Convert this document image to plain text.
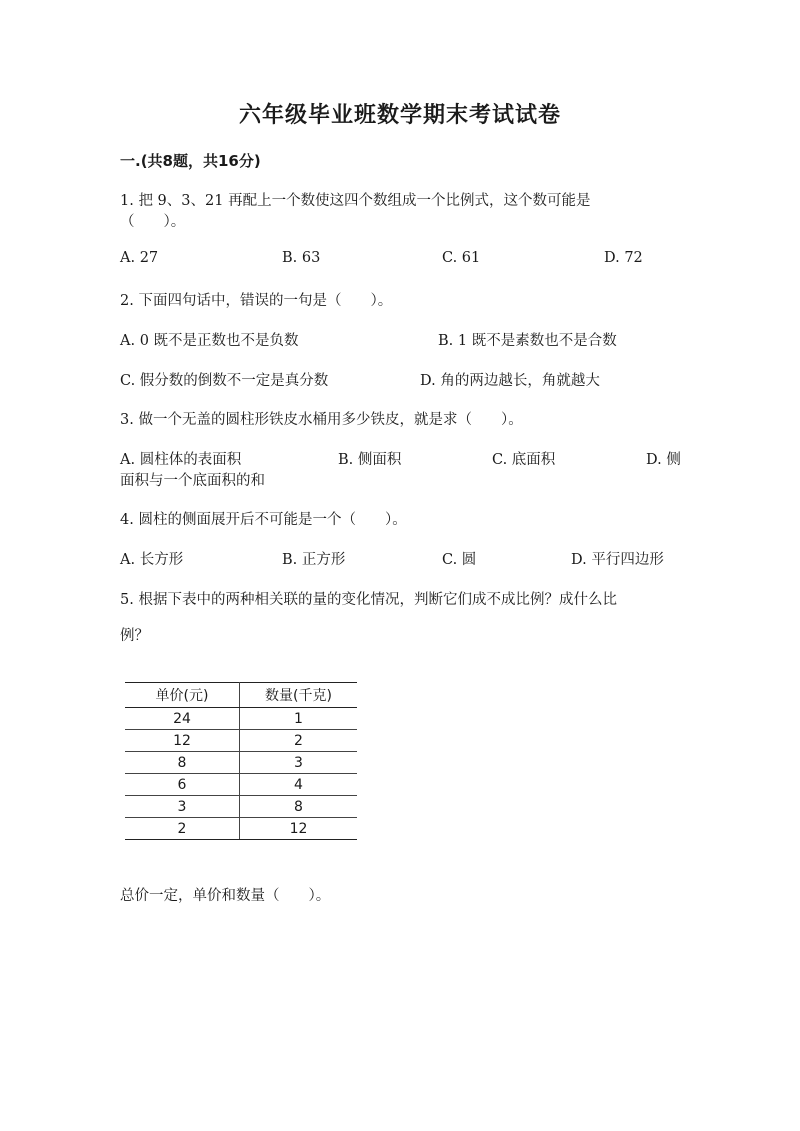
六年级毕业班数学期末考试试卷
一.(共8题，共16分)
1. 把 9、3、21 再配上一个数使这四个数组成一个比例式，这个数可能是
（　　）。
A. 27	B. 63	C. 61	D. 72
2. 下面四句话中，错误的一句是（　　）。
A. 0 既不是正数也不是负数	B. 1 既不是素数也不是合数
C. 假分数的倒数不一定是真分数	D. 角的两边越长，角就越大
3. 做一个无盖的圆柱形铁皮水桶用多少铁皮，就是求（　　）。
A. 圆柱体的表面积	B. 侧面积	C. 底面积	D. 侧
面积与一个底面积的和
4. 圆柱的侧面展开后不可能是一个（　　）。
A. 长方形	B. 正方形	C. 圆	D. 平行四边形
5. 根据下表中的两种相关联的量的变化情况，判断它们成不成比例？成什么比
例？
单价(元)	数量(千克)
24	1
12	2
8	3
6	4
3	8
2	12
总价一定，单价和数量（　　）。
